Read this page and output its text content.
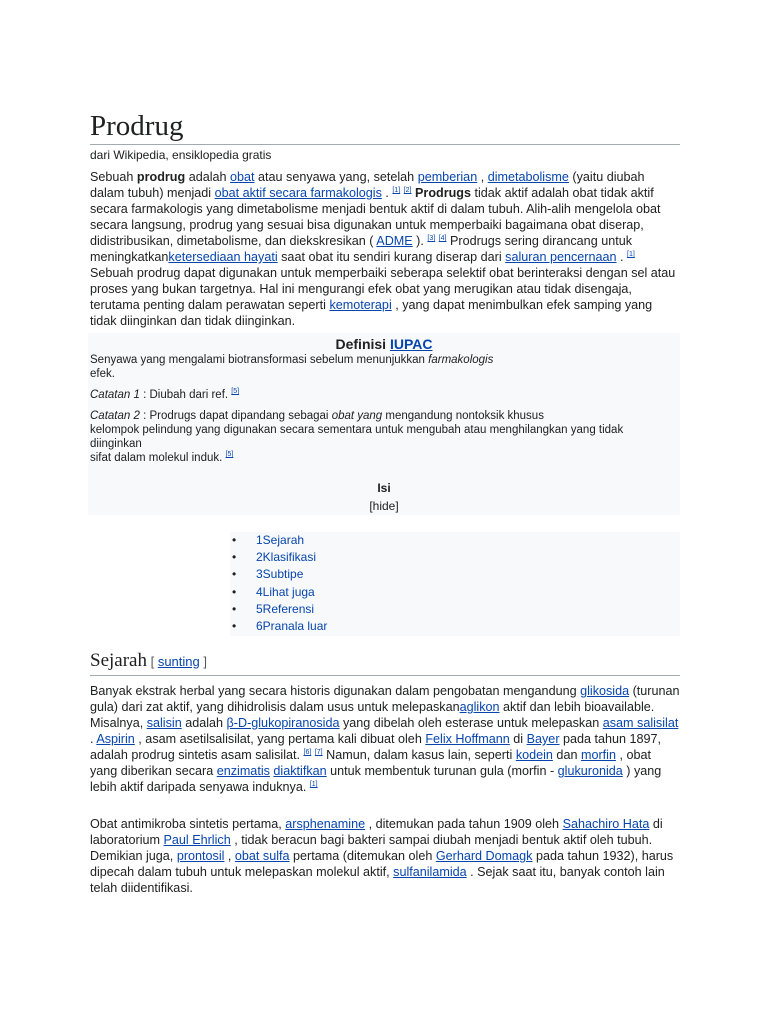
Prodrug
dari Wikipedia, ensiklopedia gratis
Sebuah prodrug adalah obat atau senyawa yang, setelah pemberian , dimetabolisme (yaitu diubah dalam tubuh) menjadi obat aktif secara farmakologis . [1] [2] Prodrugs tidak aktif adalah obat tidak aktif secara farmakologis yang dimetabolisme menjadi bentuk aktif di dalam tubuh. Alih-alih mengelola obat secara langsung, prodrug yang sesuai bisa digunakan untuk memperbaiki bagaimana obat diserap, didistribusikan, dimetabolisme, dan diekskresikan ( ADME ). [3] [4] Prodrugs sering dirancang untuk meningkatkanketersediaan hayati saat obat itu sendiri kurang diserap dari saluran pencernaan . [1] Sebuah prodrug dapat digunakan untuk memperbaiki seberapa selektif obat berinteraksi dengan sel atau proses yang bukan targetnya. Hal ini mengurangi efek obat yang merugikan atau tidak disengaja, terutama penting dalam perawatan seperti kemoterapi , yang dapat menimbulkan efek samping yang tidak diinginkan dan tidak diinginkan.
Definisi IUPAC
Senyawa yang mengalami biotransformasi sebelum menunjukkan farmakologis
efek.
Catatan 1 : Diubah dari ref. [5]
Catatan 2 : Prodrugs dapat dipandang sebagai obat yang mengandung nontoksik khusus
kelompok pelindung yang digunakan secara sementara untuk mengubah atau menghilangkan yang tidak diinginkan
sifat dalam molekul induk. [5]
Isi
[hide]
• 1Sejarah
• 2Klasifikasi
• 3Subtipe
• 4Lihat juga
• 5Referensi
• 6Pranala luar
Sejarah [ sunting ]
Banyak ekstrak herbal yang secara historis digunakan dalam pengobatan mengandung glikosida (turunan gula) dari zat aktif, yang dihidrolisis dalam usus untuk melepaskanaglikon aktif dan lebih bioavailable. Misalnya, salisin adalah β-D-glukopiranosida yang dibelah oleh esterase untuk melepaskan asam salisilat . Aspirin , asam asetilsalisilat, yang pertama kali dibuat oleh Felix Hoffmann di Bayer pada tahun 1897, adalah prodrug sintetis asam salisilat. [6] [7] Namun, dalam kasus lain, seperti kodein dan morfin , obat yang diberikan secara enzimatis diaktifkan untuk membentuk turunan gula (morfin - glukuronida ) yang lebih aktif daripada senyawa induknya. [1]
Obat antimikroba sintetis pertama, arsphenamine , ditemukan pada tahun 1909 oleh Sahachiro Hata di laboratorium Paul Ehrlich , tidak beracun bagi bakteri sampai diubah menjadi bentuk aktif oleh tubuh. Demikian juga, prontosil , obat sulfa pertama (ditemukan oleh Gerhard Domagk pada tahun 1932), harus dipecah dalam tubuh untuk melepaskan molekul aktif, sulfanilamida . Sejak saat itu, banyak contoh lain telah diidentifikasi.
